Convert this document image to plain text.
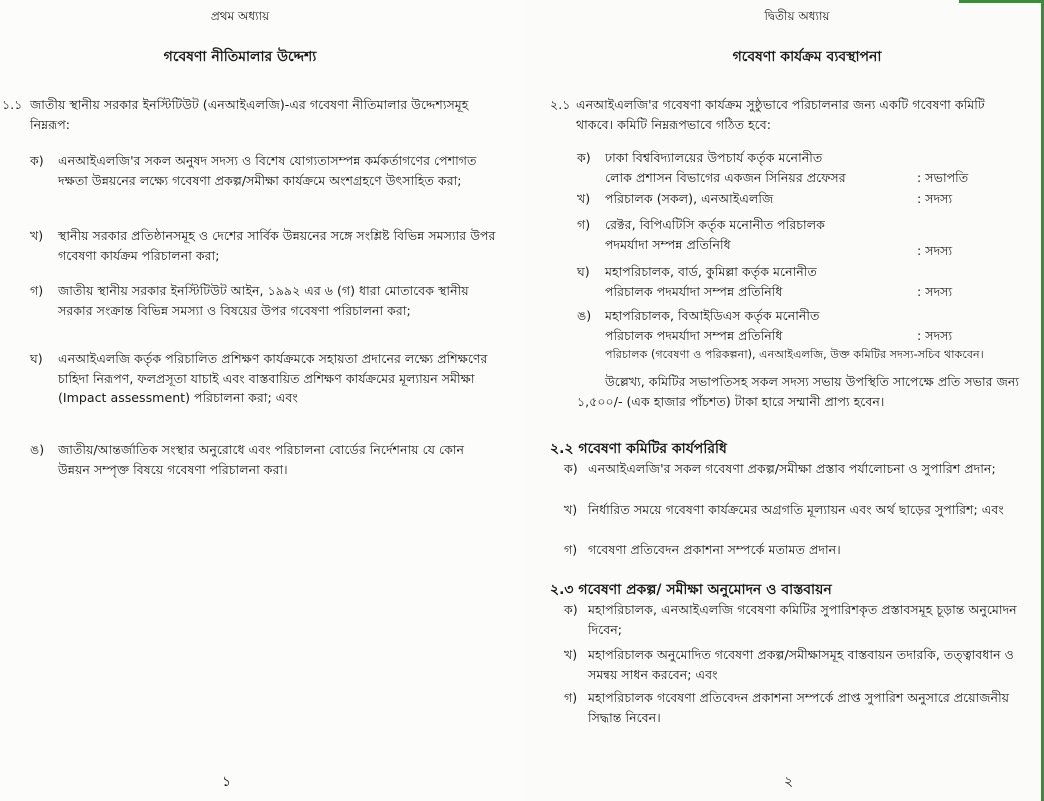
প্রথম অধ্যায়
গবেষণা নীতিমালার উদ্দেশ্য
১.১ জাতীয় স্থানীয় সরকার ইনস্টিটিউট (এনআইএলজি)-এর গবেষণা নীতিমালার উদ্দেশ্যসমূহ নিম্নরূপ:
ক) এনআইএলজি'র সকল অনুষদ সদস্য ও বিশেষ যোগ্যতাসম্পন্ন কর্মকর্তাগণের পেশাগত দক্ষতা উন্নয়নের লক্ষ্যে গবেষণা প্রকল্প/সমীক্ষা কার্যক্রমে অংশগ্রহণে উৎসাহিত করা;
খ) স্থানীয় সরকার প্রতিষ্ঠানসমূহ ও দেশের সার্বিক উন্নয়নের সঙ্গে সংশ্লিষ্ট বিভিন্ন সমস্যার উপর গবেষণা কার্যক্রম পরিচালনা করা;
গ) জাতীয় স্থানীয় সরকার ইনস্টিটিউট আইন, ১৯৯২ এর ৬ (গ) ধারা মোতাবেক স্থানীয় সরকার সংক্রান্ত বিভিন্ন সমস্যা ও বিষয়ের উপর গবেষণা পরিচালনা করা;
ঘ) এনআইএলজি কর্তৃক পরিচালিত প্রশিক্ষণ কার্যক্রমকে সহায়তা প্রদানের লক্ষ্যে প্রশিক্ষণের চাহিদা নিরূপণ, ফলপ্রসূতা যাচাই এবং বাস্তবায়িত প্রশিক্ষণ কার্যক্রমের মূল্যায়ন সমীক্ষা (Impact assessment) পরিচালনা করা; এবং
ঙ) জাতীয়/আন্তর্জাতিক সংস্থার অনুরোধে এবং পরিচালনা বোর্ডের নির্দেশনায় যে কোন উন্নয়ন সম্পৃক্ত বিষয়ে গবেষণা পরিচালনা করা।
১
দ্বিতীয় অধ্যায়
গবেষণা কার্যক্রম ব্যবস্থাপনা
২.১ এনআইএলজি'র গবেষণা কার্যক্রম সুষ্ঠুভাবে পরিচালনার জন্য একটি গবেষণা কমিটি থাকবে। কমিটি নিম্নরূপভাবে গঠিত হবে:
ক) ঢাকা বিশ্ববিদ্যালয়ের উপচার্য কর্তৃক মনোনীত
লোক প্রশাসন বিভাগের একজন সিনিয়র প্রফেসর	: সভাপতি
খ) পরিচালক (সকল), এনআইএলজি	: সদস্য
গ) রেক্টর, বিপিএটিসি কর্তৃক মনোনীত পরিচালক
পদমর্যাদা সম্পন্ন প্রতিনিধি	: সদস্য
ঘ) মহাপরিচালক, বার্ড, কুমিল্লা কর্তৃক মনোনীত
পরিচালক পদমর্যাদা সম্পন্ন প্রতিনিধি	: সদস্য
ঙ) মহাপরিচালক, বিআইডিএস কর্তৃক মনোনীত
পরিচালক পদমর্যাদা সম্পন্ন প্রতিনিধি	: সদস্য
পরিচালক (গবেষণা ও পরিকল্পনা), এনআইএলজি, উক্ত কমিটির সদস্য-সচিব থাকবেন।
উল্লেখ্য, কমিটির সভাপতিসহ সকল সদস্য সভায় উপস্থিতি সাপেক্ষে প্রতি সভার জন্য ১,৫০০/- (এক হাজার পাঁচশত) টাকা হারে সম্মানী প্রাপ্য হবেন।
২.২ গবেষণা কমিটির কার্যপরিধি
ক) এনআইএলজি'র সকল গবেষণা প্রকল্প/সমীক্ষা প্রস্তাব পর্যালোচনা ও সুপারিশ প্রদান;
খ) নির্ধারিত সময়ে গবেষণা কার্যক্রমের অগ্রগতি মূল্যায়ন এবং অর্থ ছাড়ের সুপারিশ; এবং
গ) গবেষণা প্রতিবেদন প্রকাশনা সম্পর্কে মতামত প্রদান।
২.৩ গবেষণা প্রকল্প/ সমীক্ষা অনুমোদন ও বাস্তবায়ন
ক) মহাপরিচালক, এনআইএলজি গবেষণা কমিটির সুপারিশকৃত প্রস্তাবসমূহ চূড়ান্ত অনুমোদন দিবেন;
খ) মহাপরিচালক অনুমোদিত গবেষণা প্রকল্প/সমীক্ষাসমূহ বাস্তবায়ন তদারকি, তত্ত্বাবধান ও সমন্বয় সাধন করবেন; এবং
গ) মহাপরিচালক গবেষণা প্রতিবেদন প্রকাশনা সম্পর্কে প্রাপ্ত সুপারিশ অনুসারে প্রয়োজনীয় সিদ্ধান্ত নিবেন।
২
